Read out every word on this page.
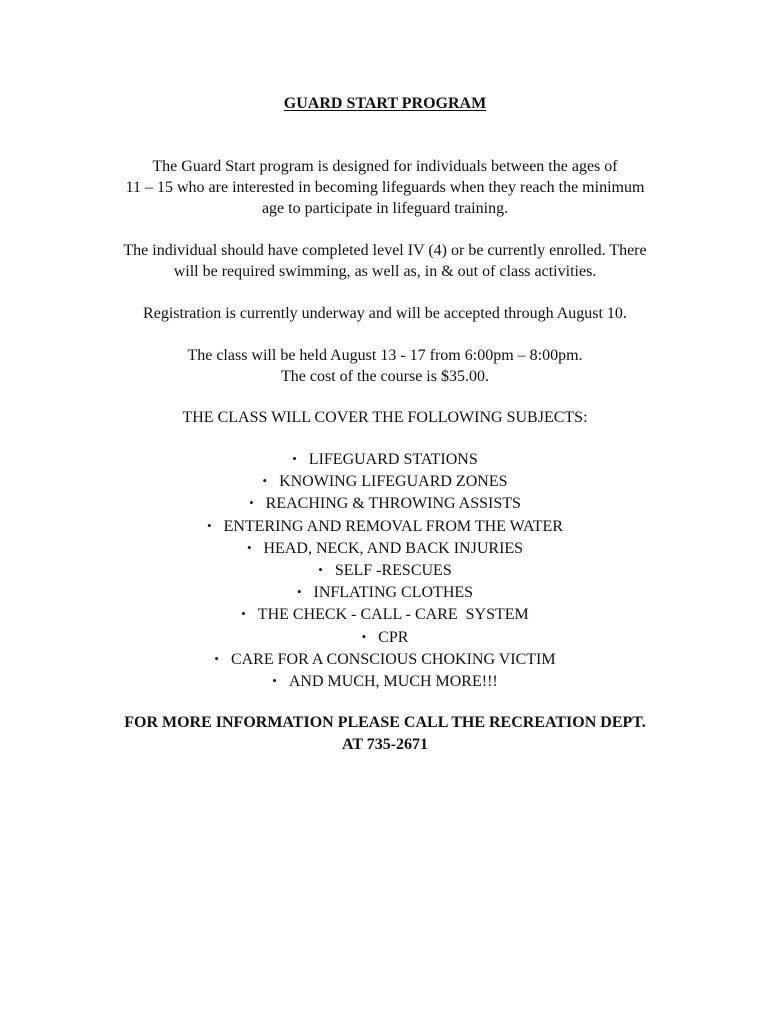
GUARD START PROGRAM
The Guard Start program is designed for individuals between the ages of
11 – 15 who are interested in becoming lifeguards when they reach the minimum
age to participate in lifeguard training.
The individual should have completed level IV (4) or be currently enrolled. There
will be required swimming, as well as, in & out of class activities.
Registration is currently underway and will be accepted through August 10.
The class will be held August 13 - 17 from 6:00pm – 8:00pm.
The cost of the course is $35.00.
THE CLASS WILL COVER THE FOLLOWING SUBJECTS:
• LIFEGUARD STATIONS
• KNOWING LIFEGUARD ZONES
• REACHING & THROWING ASSISTS
• ENTERING AND REMOVAL FROM THE WATER
• HEAD, NECK, AND BACK INJURIES
• SELF -RESCUES
• INFLATING CLOTHES
• THE CHECK - CALL - CARE  SYSTEM
• CPR
• CARE FOR A CONSCIOUS CHOKING VICTIM
• AND MUCH, MUCH MORE!!!
FOR MORE INFORMATION PLEASE CALL THE RECREATION DEPT.
AT 735-2671
